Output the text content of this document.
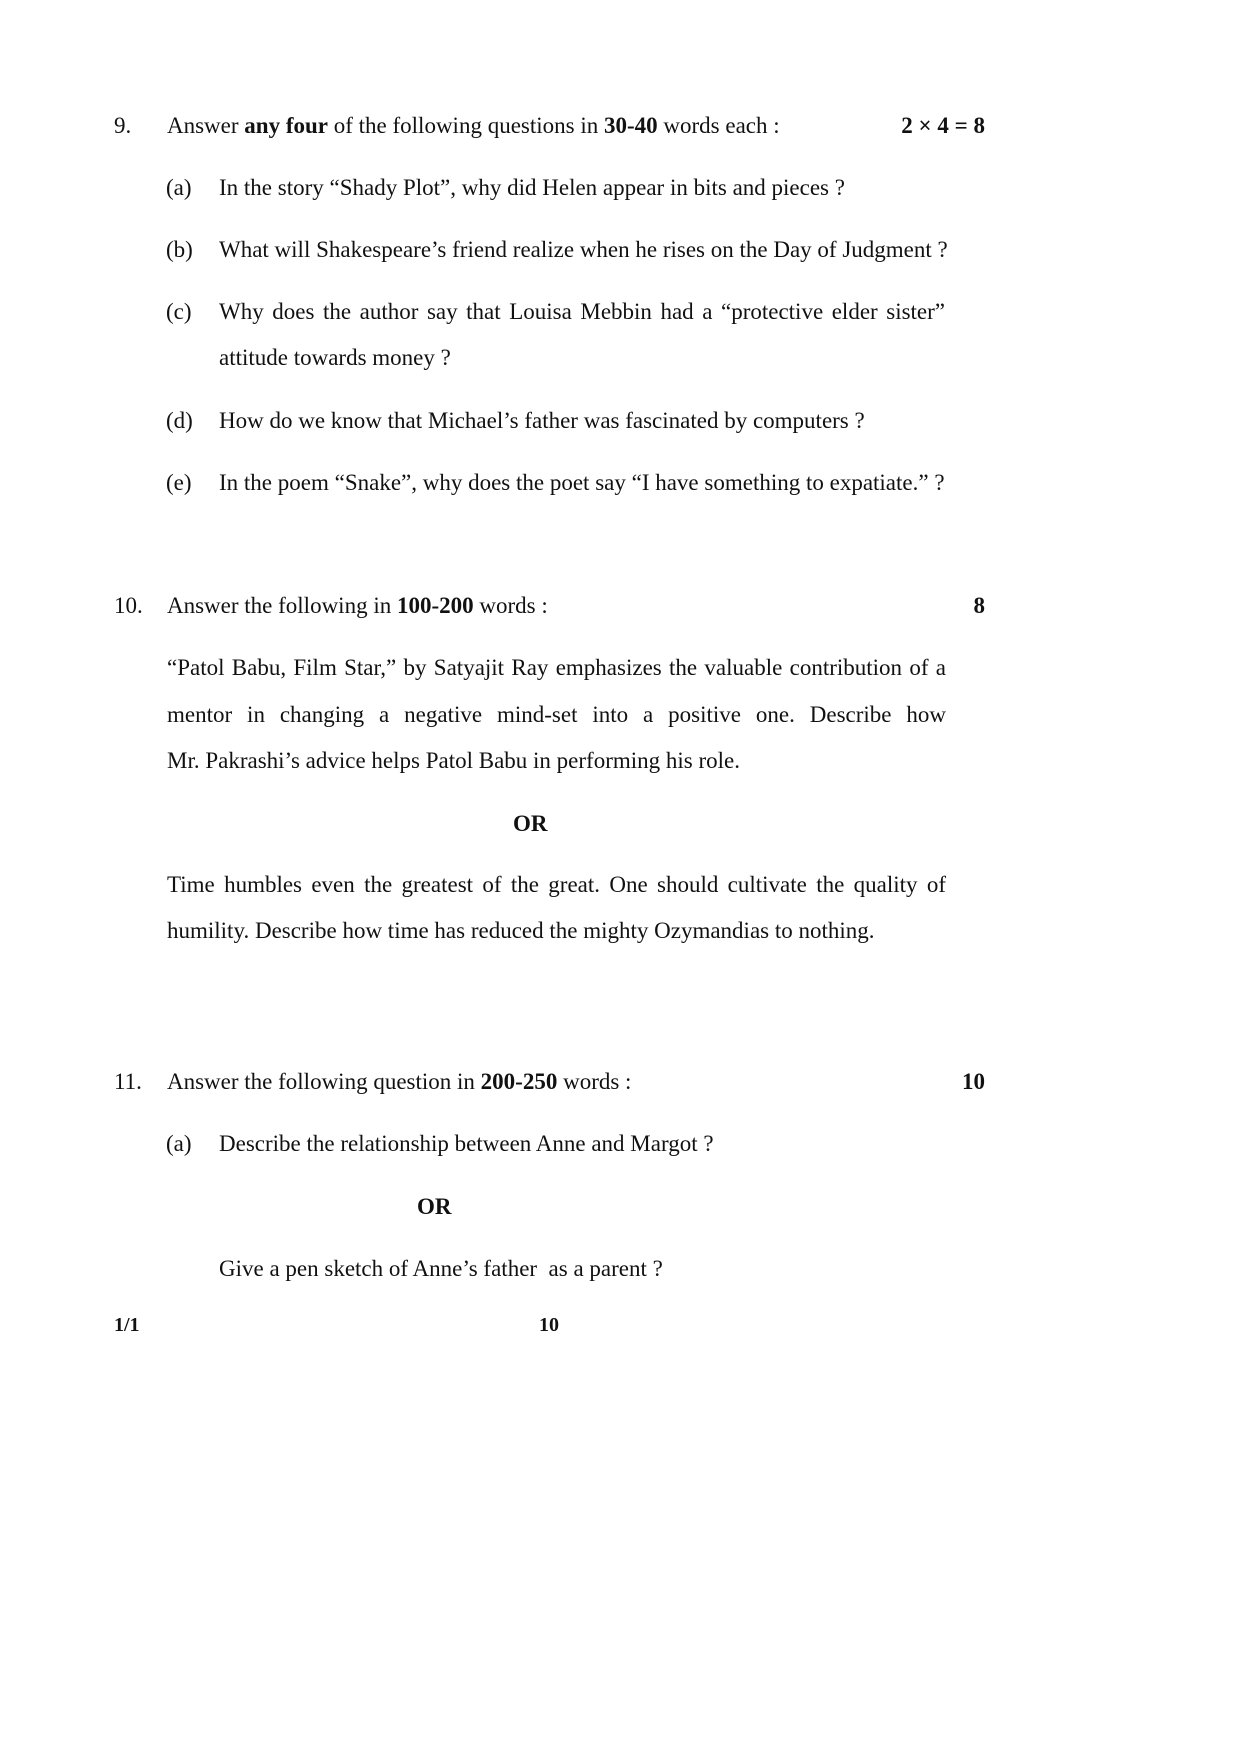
9. Answer any four of the following questions in 30-40 words each :	2 × 4 = 8
(a) In the story “Shady Plot”, why did Helen appear in bits and pieces ?
(b) What will Shakespeare’s friend realize when he rises on the Day of Judgment ?
(c) Why does the author say that Louisa Mebbin had a “protective elder sister”
attitude towards money ?
(d) How do we know that Michael’s father was fascinated by computers ?
(e) In the poem “Snake”, why does the poet say “I have something to expatiate.” ?
10. Answer the following in 100-200 words :	8
“Patol Babu, Film Star,” by Satyajit Ray emphasizes the valuable contribution of a
mentor in changing a negative mind-set into a positive one. Describe how
Mr. Pakrashi’s advice helps Patol Babu in performing his role.
OR
Time humbles even the greatest of the great. One should cultivate the quality of
humility. Describe how time has reduced the mighty Ozymandias to nothing.
11. Answer the following question in 200-250 words :	10
(a) Describe the relationship between Anne and Margot ?
OR
Give a pen sketch of Anne’s father  as a parent ?
1/1	10
